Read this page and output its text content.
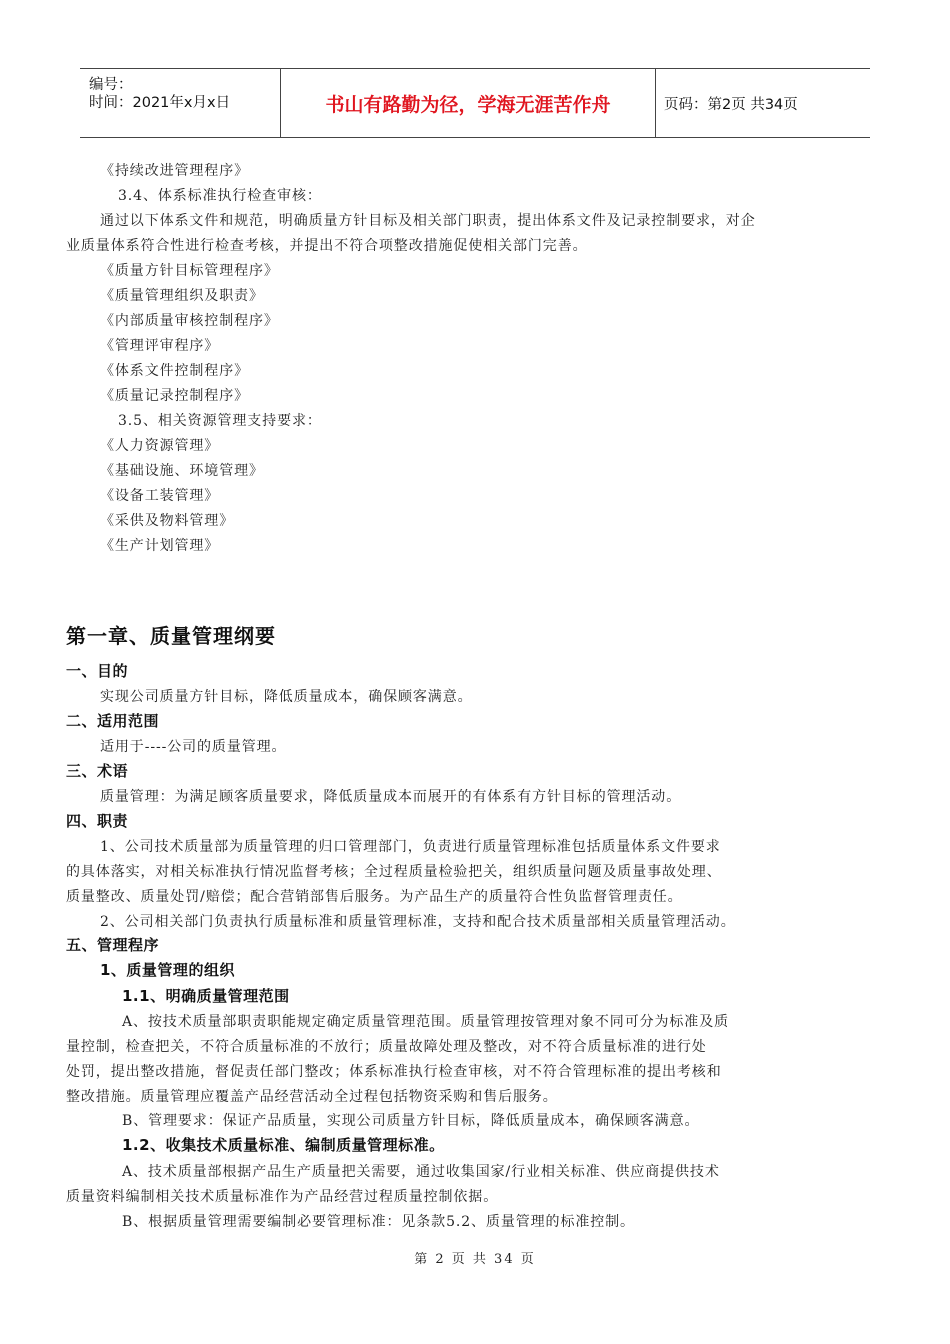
编号：
时间：2021年x月x日	书山有路勤为径，学海无涯苦作舟	页码：第2页 共34页
《持续改进管理程序》
3.4、体系标准执行检查审核：
通过以下体系文件和规范，明确质量方针目标及相关部门职责，提出体系文件及记录控制要求，对企
业质量体系符合性进行检查考核，并提出不符合项整改措施促使相关部门完善。
《质量方针目标管理程序》
《质量管理组织及职责》
《内部质量审核控制程序》
《管理评审程序》
《体系文件控制程序》
《质量记录控制程序》
3.5、相关资源管理支持要求：
《人力资源管理》
《基础设施、环境管理》
《设备工装管理》
《采供及物料管理》
《生产计划管理》
第一章、质量管理纲要
一、目的
实现公司质量方针目标，降低质量成本，确保顾客满意。
二、适用范围
适用于----公司的质量管理。
三、术语
质量管理：为满足顾客质量要求，降低质量成本而展开的有体系有方针目标的管理活动。
四、职责
1、公司技术质量部为质量管理的归口管理部门，负责进行质量管理标准包括质量体系文件要求
的具体落实，对相关标准执行情况监督考核；全过程质量检验把关，组织质量问题及质量事故处理、
质量整改、质量处罚/赔偿；配合营销部售后服务。为产品生产的质量符合性负监督管理责任。
2、公司相关部门负责执行质量标准和质量管理标准，支持和配合技术质量部相关质量管理活动。
五、管理程序
1、质量管理的组织
1.1、明确质量管理范围
A、按技术质量部职责职能规定确定质量管理范围。质量管理按管理对象不同可分为标准及质
量控制，检查把关，不符合质量标准的不放行；质量故障处理及整改，对不符合质量标准的进行处
处罚，提出整改措施，督促责任部门整改；体系标准执行检查审核，对不符合管理标准的提出考核和
整改措施。质量管理应覆盖产品经营活动全过程包括物资采购和售后服务。
B、管理要求：保证产品质量，实现公司质量方针目标，降低质量成本，确保顾客满意。
1.2、收集技术质量标准、编制质量管理标准。
A、技术质量部根据产品生产质量把关需要，通过收集国家/行业相关标准、供应商提供技术
质量资料编制相关技术质量标准作为产品经营过程质量控制依据。
B、根据质量管理需要编制必要管理标准：见条款5.2、质量管理的标准控制。
第 2 页 共 34 页
